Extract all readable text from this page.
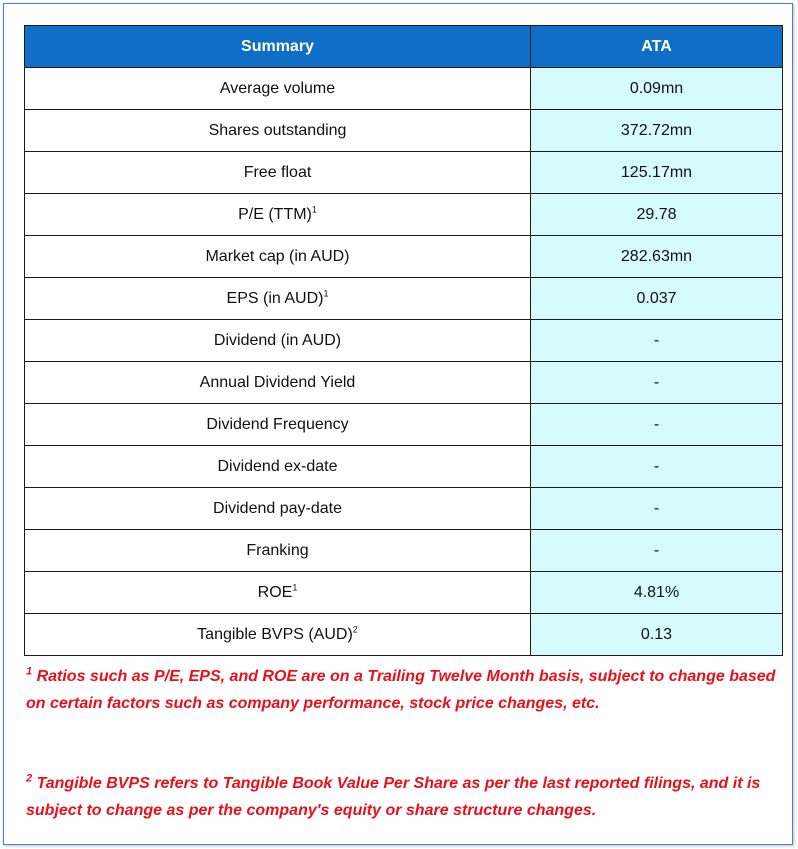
Summary	ATA
Average volume	0.09mn
Shares outstanding	372.72mn
Free float	125.17mn
P/E (TTM)$^1$	29.78
Market cap (in AUD)	282.63mn
EPS (in AUD)$^1$	0.037
Dividend (in AUD)	-
Annual Dividend Yield	-
Dividend Frequency	-
Dividend ex-date	-
Dividend pay-date	-
Franking	-
ROE$^1$	4.81%
Tangible BVPS (AUD)$^2$	0.13

$^1$ Ratios such as P/E, EPS, and ROE are on a Trailing Twelve Month basis, subject to change based on certain factors such as company performance, stock price changes, etc.

$^2$ Tangible BVPS refers to Tangible Book Value Per Share as per the last reported filings, and it is subject to change as per the company's equity or share structure changes.
